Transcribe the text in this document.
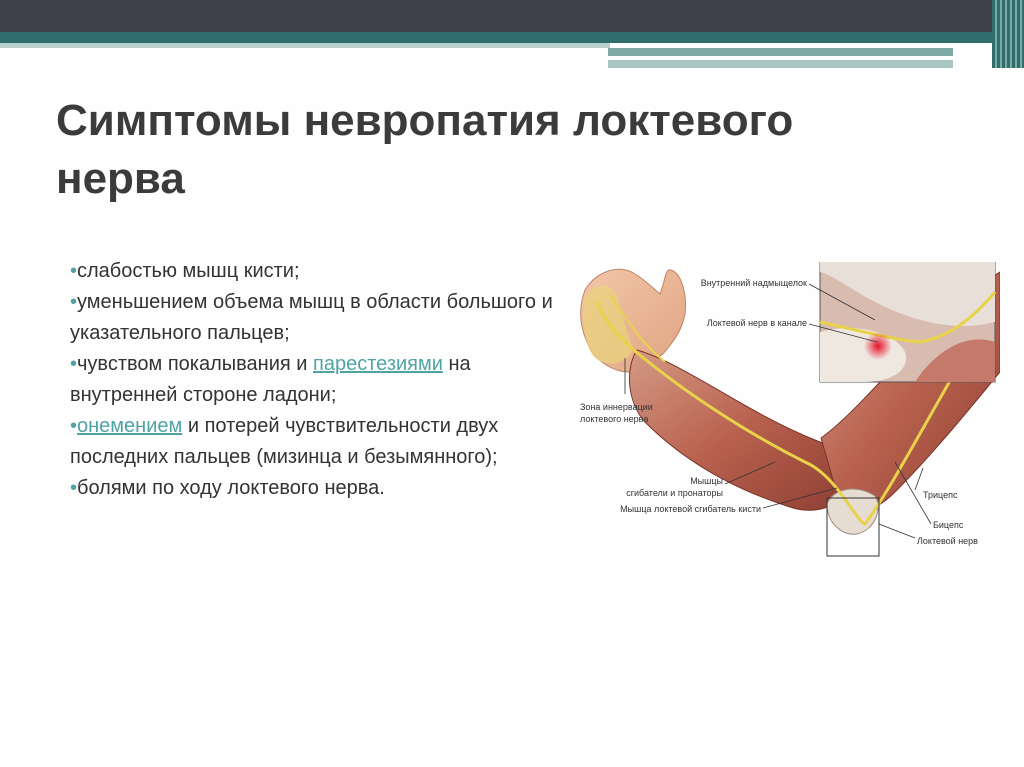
Симптомы невропатия локтевого
нерва
•слабостью мышц кисти;
•уменьшением объема мышц в области большого и указательного пальцев;
•чувством покалывания и парестезиями на внутренней стороне ладони;
•онемением и потерей чувствительности двух последних пальцев (мизинца и безымянного);
•болями по ходу локтевого нерва.
Внутренний надмыщелок
Локтевой нерв в канале
Зона иннервации
локтевого нерва
Мышцы
сгибатели и пронаторы
Мышца локтевой сгибатель кисти
Трицепс
Бицепс
Локтевой нерв
